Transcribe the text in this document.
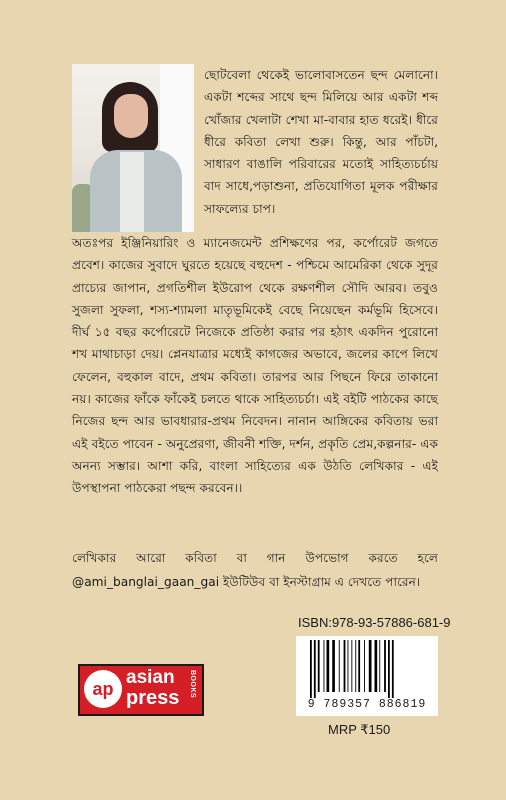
ছোটবেলা থেকেই ভালোবাসতেন ছন্দ মেলানো। একটা শব্দের সাথে ছন্দ মিলিয়ে আর একটা শব্দ খোঁজার খেলাটা শেখা মা-বাবার হাত ধরেই। ধীরে ধীরে কবিতা লেখা শুরু। কিন্তু, আর পাঁচটা, সাধারণ বাঙালি পরিবারের মতোই সাহিত্যচর্চায় বাদ সাধে,পড়াশুনা, প্রতিযোগিতা মূলক পরীক্ষার সাফল্যের চাপ।

অতঃপর ইঞ্জিনিয়ারিং ও ম্যানেজমেন্ট প্রশিক্ষণের পর, কর্পোরেট জগতে প্রবেশ। কাজের সুবাদে ঘুরতে হয়েছে বহুদেশ - পশ্চিমে আমেরিকা থেকে সুদূর প্রাচ্যের জাপান, প্রগতিশীল ইউরোপ থেকে রক্ষণশীল সৌদি আরব। তবুও সুজলা সুফলা, শস্য-শ্যামলা মাতৃভূমিকেই বেছে নিয়েছেন কর্মভূমি হিসেবে। দীর্ঘ ১৫ বছর কর্পোরেটে নিজেকে প্রতিষ্ঠা করার পর হঠাৎ একদিন পুরোনো শখ মাথাচাড়া দেয়। প্লেনযাত্রার মধ্যেই কাগজের অভাবে, জলের কাপে লিখে ফেলেন, বহুকাল বাদে, প্রথম কবিতা। তারপর আর পিছনে ফিরে তাকানো নয়। কাজের ফাঁকে ফাঁকেই চলতে থাকে সাহিত্যচর্চা। এই বইটি পাঠকের কাছে নিজের ছন্দ আর ভাবধারার-প্রথম নিবেদন। নানান আঙ্গিকের কবিতায় ভরা এই বইতে পাবেন - অনুপ্রেরণা, জীবনী শক্তি, দর্শন, প্রকৃতি প্রেম,কল্পনার- এক অনন্য সম্ভার। আশা করি, বাংলা সাহিত্যের এক উঠতি লেখিকার - এই উপস্থাপনা পাঠকেরা পছন্দ করবেন।।

লেখিকার আরো কবিতা বা গান উপভোগ করতে হলে @ami_banglai_gaan_gai ইউটিউব বা ইনস্টাগ্রাম এ দেখতে পারেন।

ISBN:978-93-57886-681-9
9 789357 886819
MRP ₹150
ap
asian
press BOOKS
